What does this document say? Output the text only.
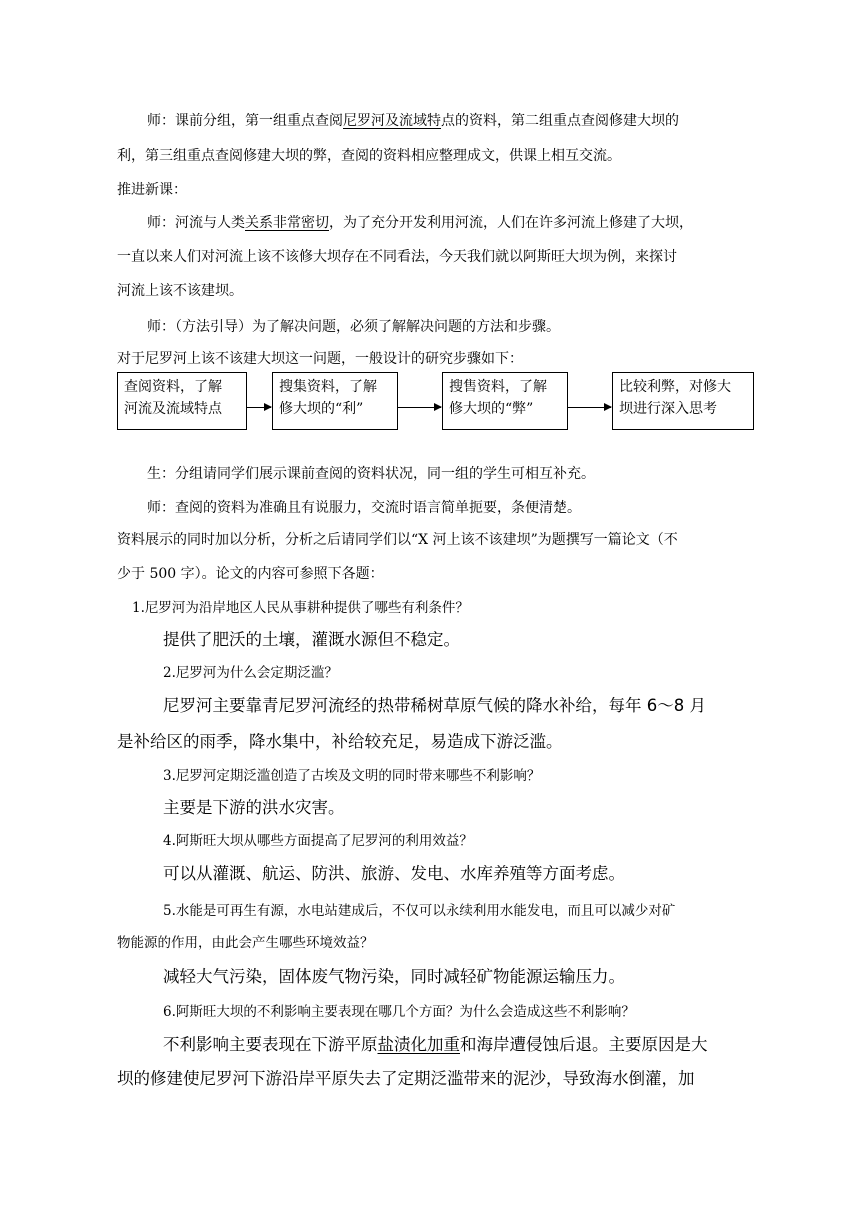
师：课前分组，第一组重点查阅尼罗河及流域特点的资料，第二组重点查阅修建大坝的
利，第三组重点查阅修建大坝的弊，查阅的资料相应整理成文，供课上相互交流。
推进新课：
师：河流与人类关系非常密切，为了充分开发利用河流，人们在许多河流上修建了大坝，
一直以来人们对河流上该不该修大坝存在不同看法，今天我们就以阿斯旺大坝为例，来探讨
河流上该不该建坝。
师：（方法引导）为了解决问题，必须了解解决问题的方法和步骤。
对于尼罗河上该不该建大坝这一问题，一般设计的研究步骤如下：
查阅资料，了解
河流及流域特点
搜集资料，了解
修大坝的“利”
搜售资料，了解
修大坝的“弊”
比较利弊，对修大
坝进行深入思考
生：分组请同学们展示课前查阅的资料状况，同一组的学生可相互补充。
师：查阅的资料为准确且有说服力，交流时语言简单扼要，条便清楚。
资料展示的同时加以分析，分析之后请同学们以“X 河上该不该建坝”为题撰写一篇论文（不
少于 500 字）。论文的内容可参照下各题：
1.尼罗河为沿岸地区人民从事耕种提供了哪些有利条件？
提供了肥沃的土壤，灌溉水源但不稳定。
2.尼罗河为什么会定期泛滥？
尼罗河主要靠青尼罗河流经的热带稀树草原气候的降水补给，每年 6～8 月
是补给区的雨季，降水集中，补给较充足，易造成下游泛滥。
3.尼罗河定期泛滥创造了古埃及文明的同时带来哪些不利影响？
主要是下游的洪水灾害。
4.阿斯旺大坝从哪些方面提高了尼罗河的利用效益？
可以从灌溉、航运、防洪、旅游、发电、水库养殖等方面考虑。
5.水能是可再生有源，水电站建成后，不仅可以永续利用水能发电，而且可以减少对矿
物能源的作用，由此会产生哪些环境效益？
减轻大气污染，固体废气物污染，同时减轻矿物能源运输压力。
6.阿斯旺大坝的不利影响主要表现在哪几个方面？为什么会造成这些不利影响？
不利影响主要表现在下游平原盐渍化加重和海岸遭侵蚀后退。主要原因是大
坝的修建使尼罗河下游沿岸平原失去了定期泛滥带来的泥沙，导致海水倒灌，加
